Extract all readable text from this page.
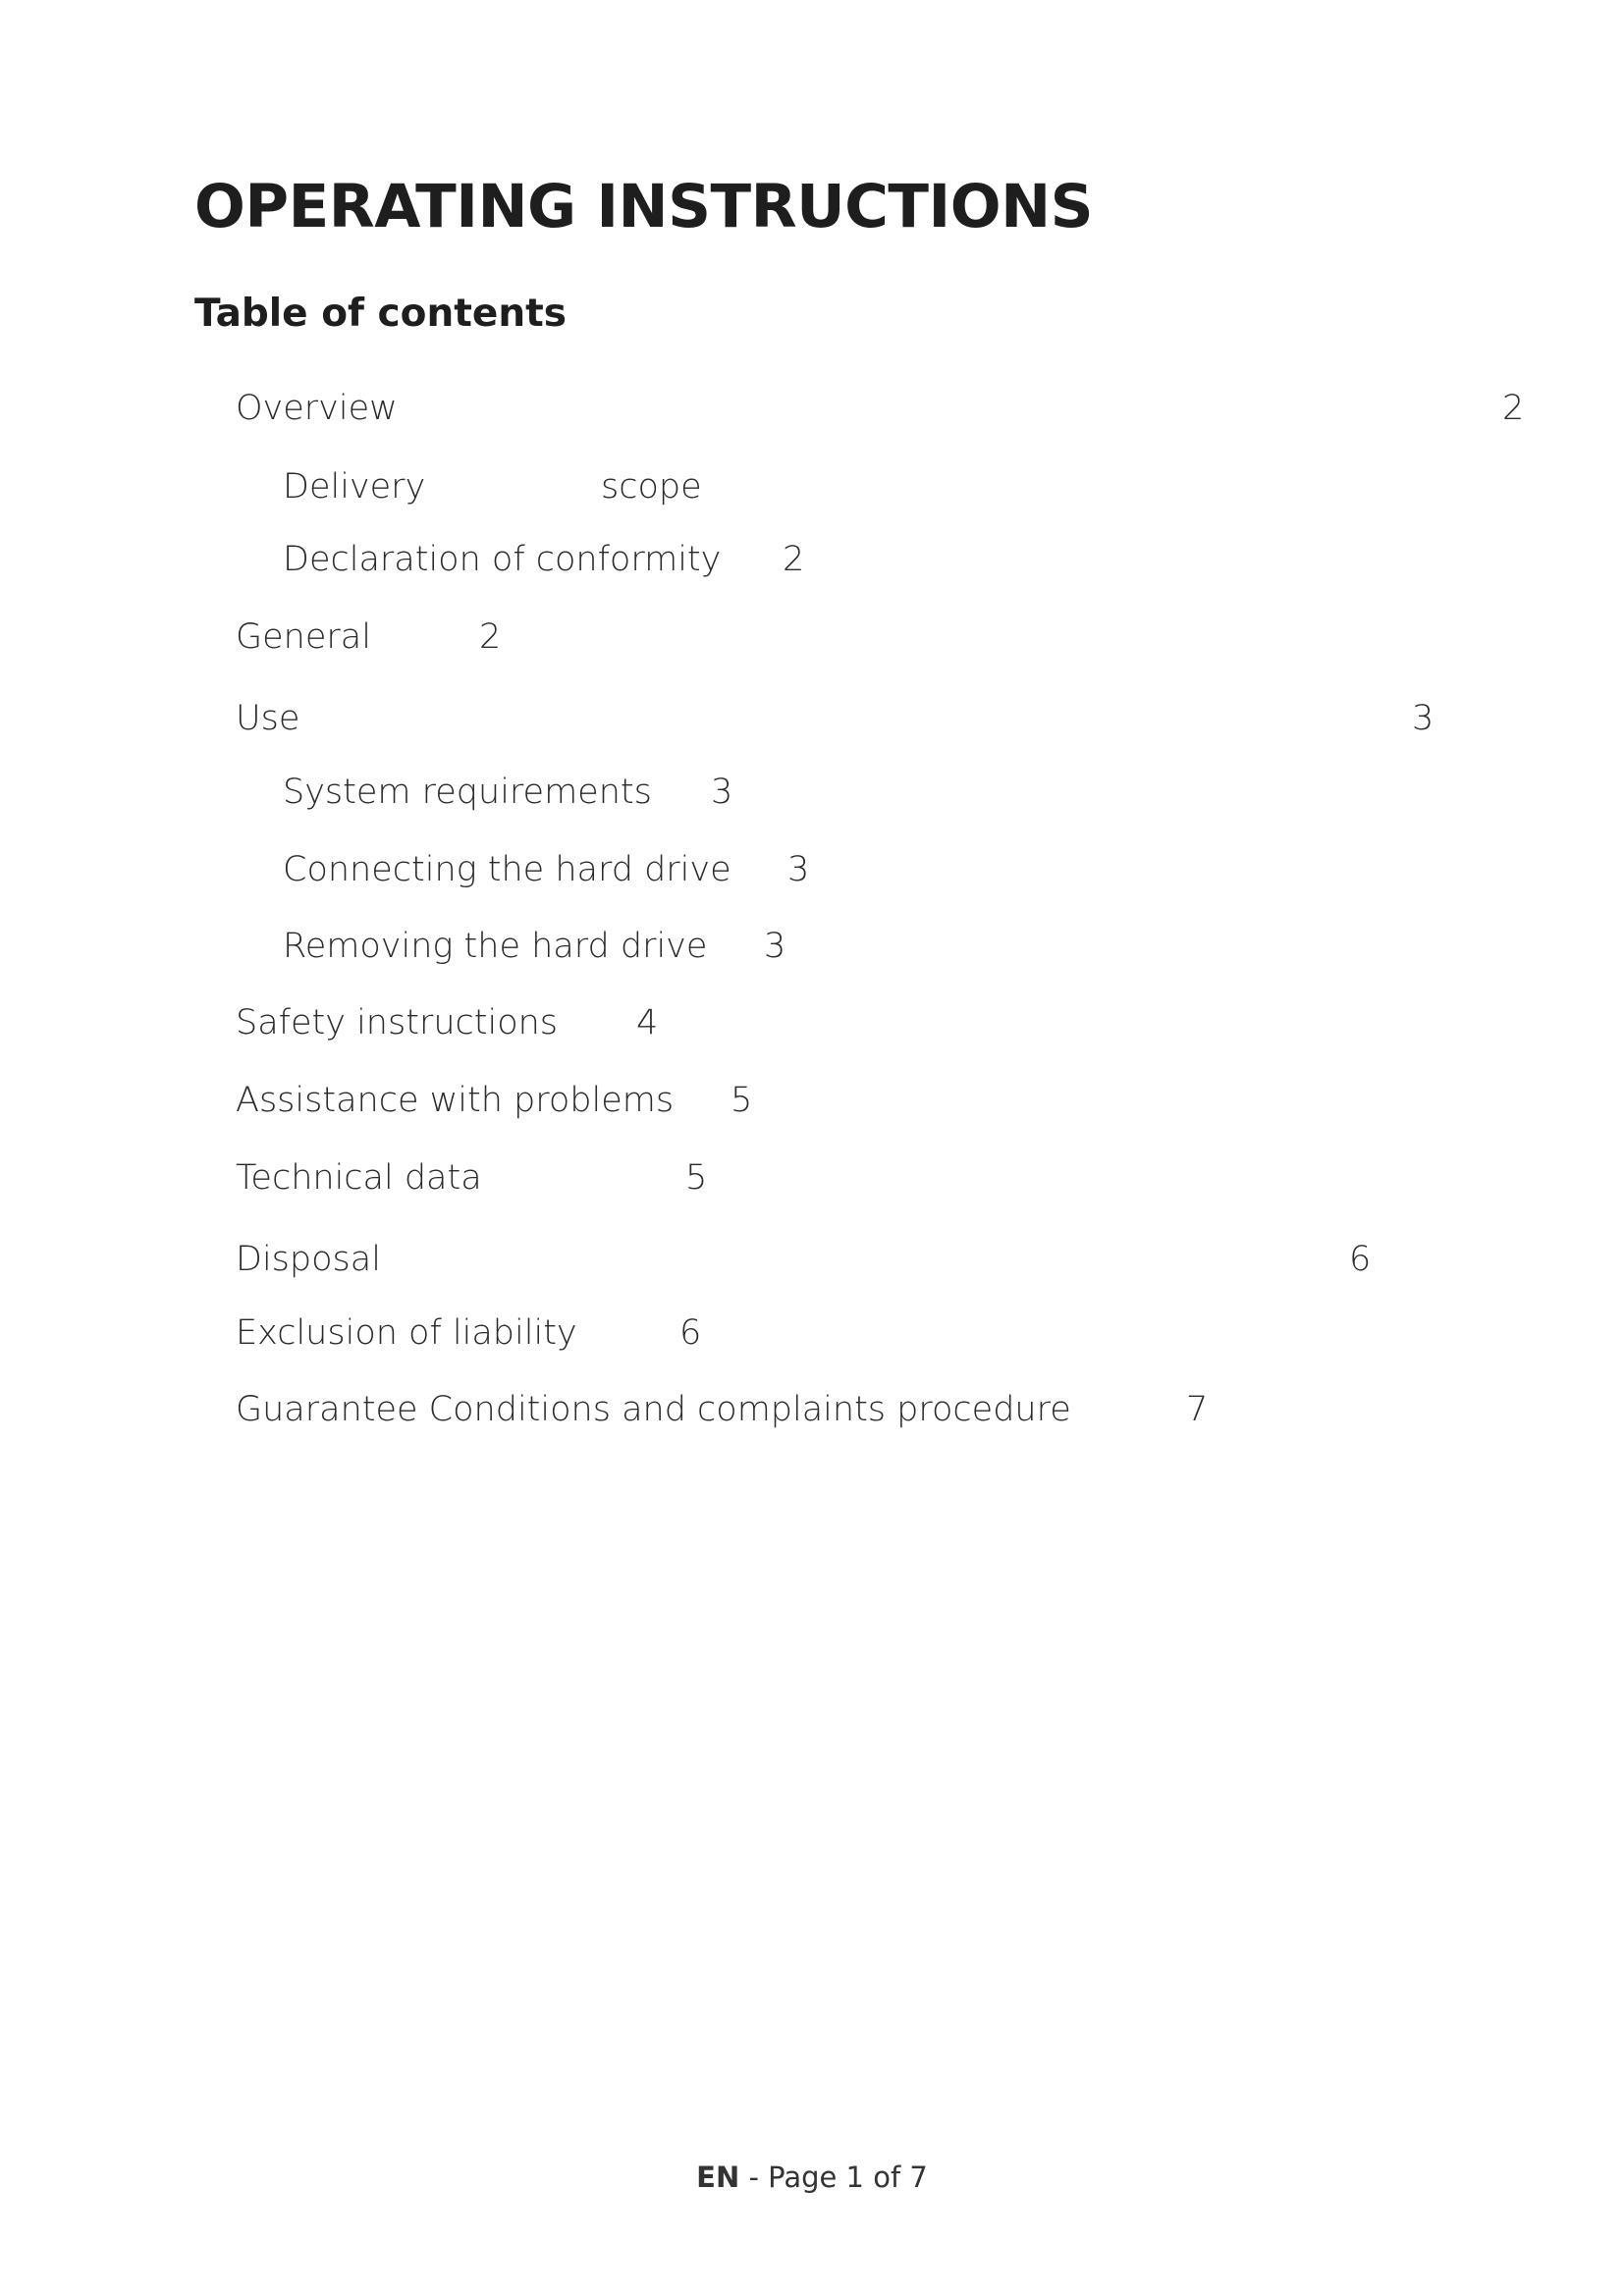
OPERATING INSTRUCTIONS
Table of contents
Overview	2
Delivery	scope
Declaration of conformity 2
General	2
Use	3
System requirements 3
Connecting the hard drive 3
Removing the hard drive 3
Safety instructions 4
Assistance with problems 5
Technical data	5
Disposal	6
Exclusion of liability	6
Guarantee Conditions and complaints procedure	7
EN - Page 1 of 7
